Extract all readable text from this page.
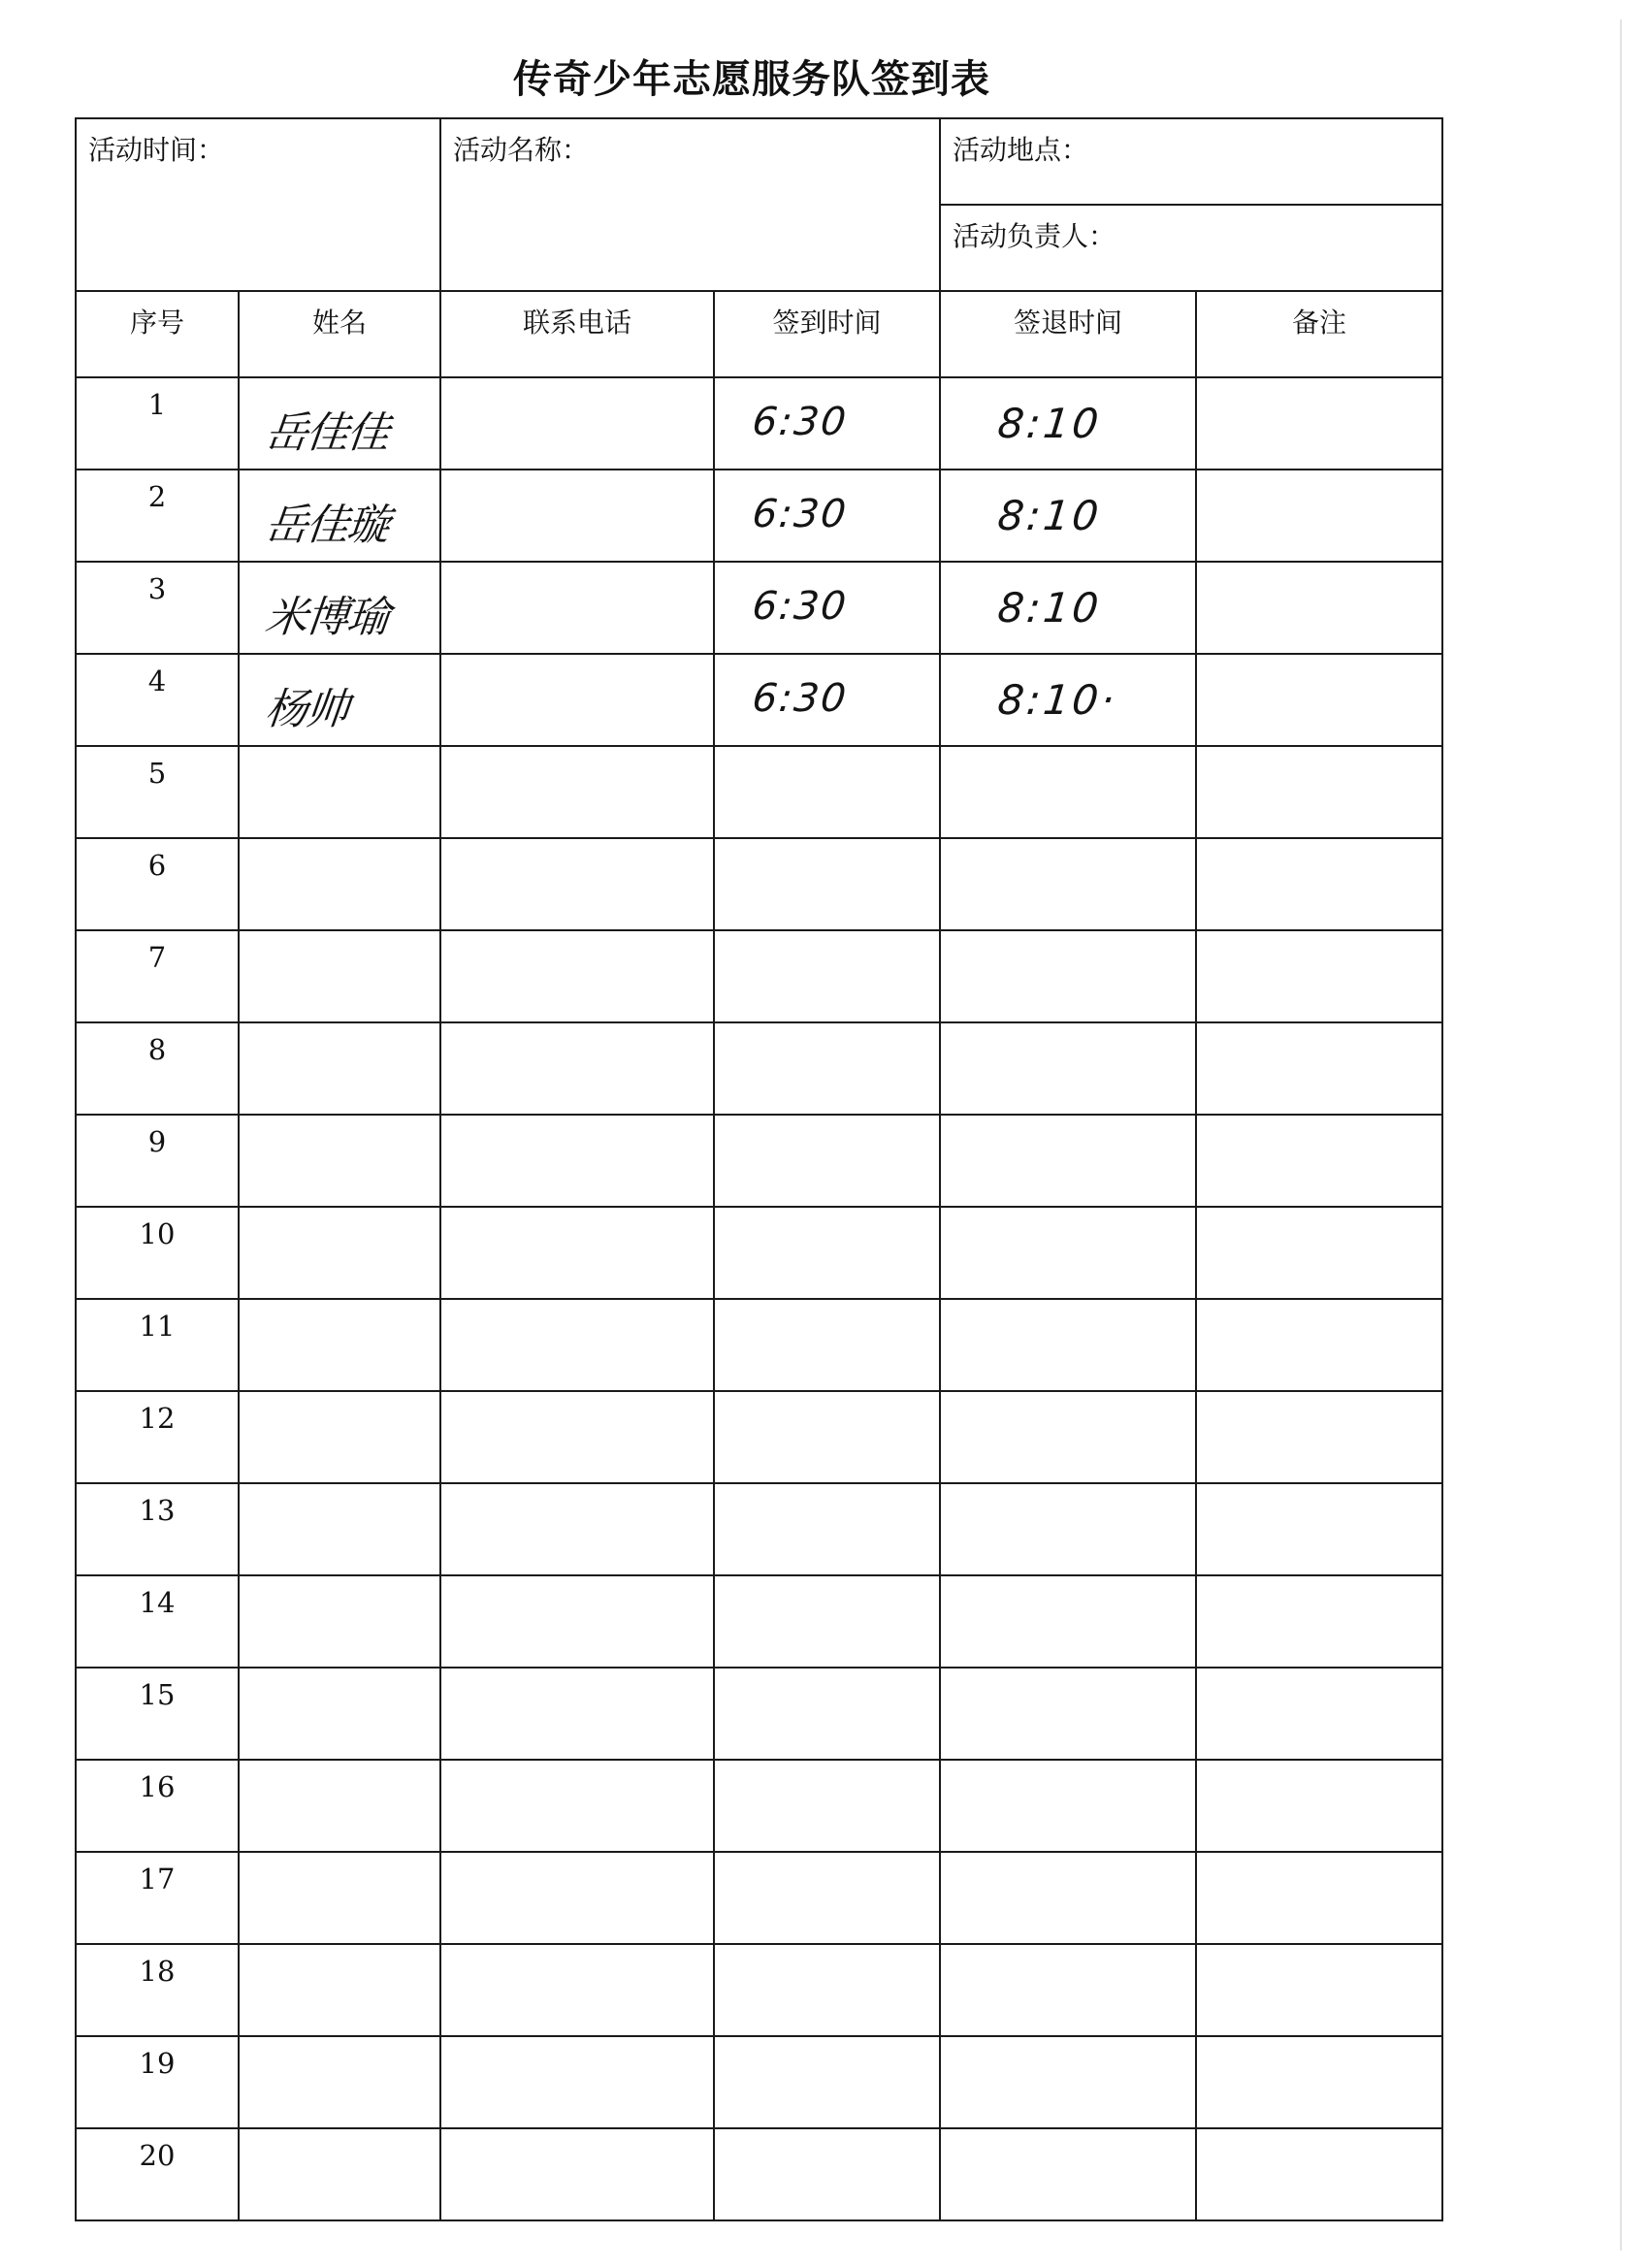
传奇少年志愿服务队签到表
活动时间：		活动名称：		活动地点：	

				活动负责人：	

序号	姓名	联系电话	签到时间	签退时间	备注
1	岳佳佳		6:30	8:10	

2	岳佳璇		6:30	8:10	

3	米博瑜		6:30	8:10	

4	杨帅		6:30	8:10·	

5	

6	

7	

8	

9	

10	

11	

12	

13	

14	

15	

16	

17	

18	

19	

20	
